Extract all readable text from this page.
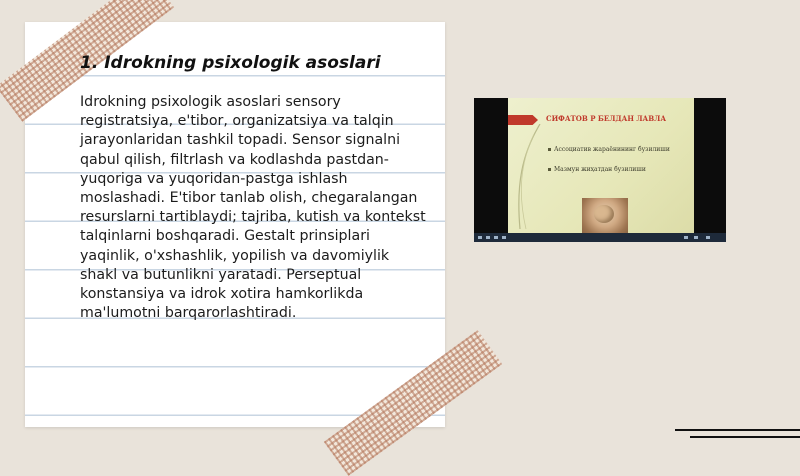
1. Idrokning psixologik asoslari

Idrokning psixologik asoslari sensory registratsiya, e'tibor, organizatsiya va talqin jarayonlaridan tashkil topadi. Sensor signalni qabul qilish, filtrlash va kodlashda pastdan-yuqoriga va yuqoridan-pastga ishlash moslashadi. E'tibor tanlab olish, chegaralangan resurslarni tartiblaydi; tajriba, kutish va kontekst talqinlarni boshqaradi. Gestalt prinsiplari yaqinlik, o'xshashlik, yopilish va davomiylik shakl va butunlikni yaratadi. Perseptual konstansiya va idrok xotira hamkorlikda ma'lumotni barqarorlashtiradi.

СИФАТОВ Р БЕЛДАН ЛАВЛА

Ассоциатив жараёнининг бузилиши
Мазмун жиҳатдан бузилиши
